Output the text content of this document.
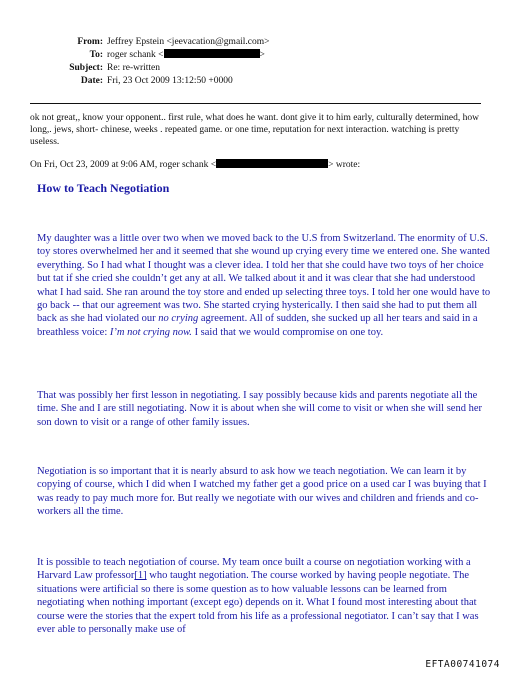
From: Jeffrey Epstein <jeevacation@gmail.com>
To: roger schank <	>
Subject: Re: re-written
Date: Fri, 23 Oct 2009 13:12:50 +0000

ok not great,, know your opponent.. first rule, what does he want. dont give it to him early, culturally determined, how long,. jews, short- chinese, weeks . repeated game. or one time, reputation for next interaction. watching is pretty useless.

On Fri, Oct 23, 2009 at 9:06 AM, roger schank <	> wrote:
How to Teach Negotiation

My daughter was a little over two when we moved back to the U.S from Switzerland. The enormity of U.S. toy stores overwhelmed her and it seemed that she wound up crying every time we entered one. She wanted everything. So I had what I thought was a clever idea. I told her that she could have two toys of her choice but tat if she cried she couldn’t get any at all. We talked about it and it was clear that she had understood what I had said. She ran around the toy store and ended up selecting three toys. I told her one would have to go back -- that our agreement was two. She started crying hysterically. I then said she had to put them all back as she had violated our no crying agreement. All of sudden, she sucked up all her tears and said in a breathless voice: I’m not crying now. I said that we would compromise on one toy.

That was possibly her first lesson in negotiating. I say possibly because kids and parents negotiate all the time. She and I are still negotiating. Now it is about when she will come to visit or when she will send her son down to visit or a range of other family issues.

Negotiation is so important that it is nearly absurd to ask how we teach negotiation. We can learn it by copying of course, which I did when I watched my father get a good price on a used car I was buying that I was ready to pay much more for. But really we negotiate with our wives and children and friends and co-workers all the time.

It is possible to teach negotiation of course. My team once built a course on negotiation working with a Harvard Law professor[1] who taught negotiation. The course worked by having people negotiate. The situations were artificial so there is some question as to how valuable lessons can be learned from negotiating when nothing important (except ego) depends on it. What I found most interesting about that course were the stories that the expert told from his life as a professional negotiator. I can’t say that I was ever able to personally make use of

EFTA00741074
